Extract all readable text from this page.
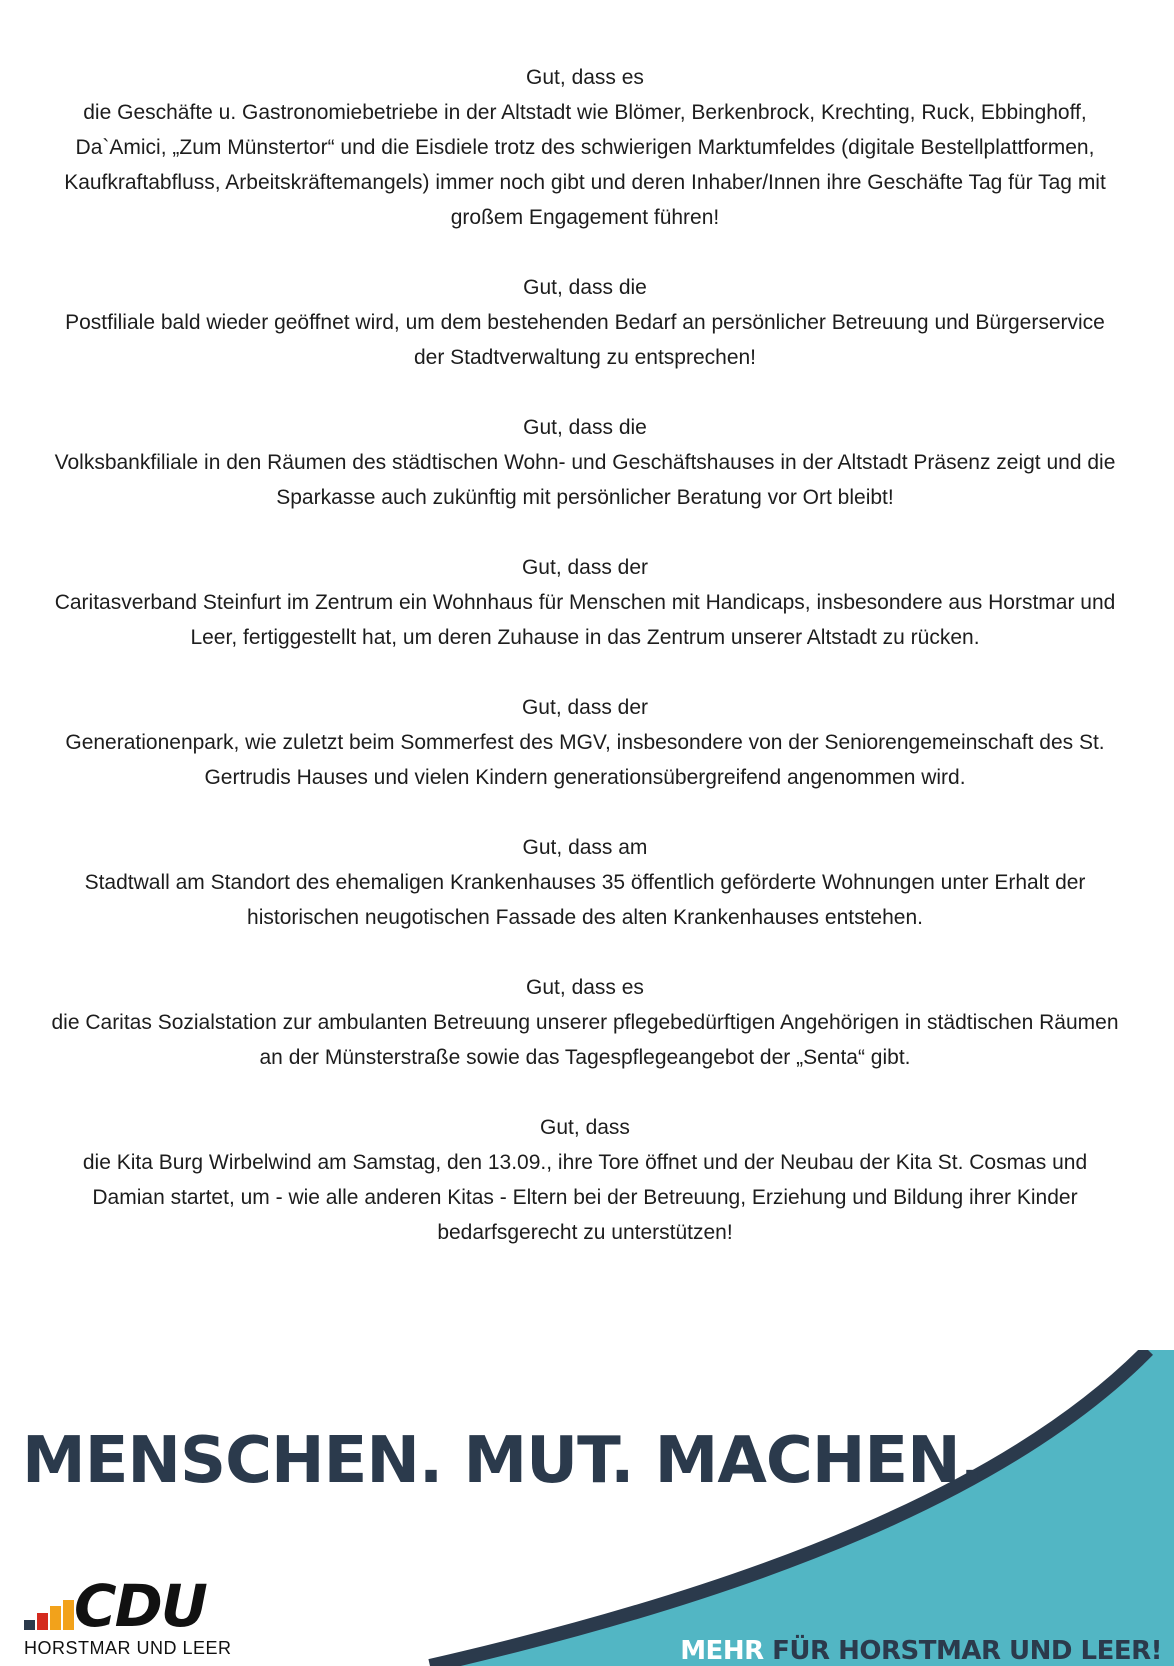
Gut, dass es
die Geschäfte u. Gastronomiebetriebe in der Altstadt wie Blömer, Berkenbrock, Krechting, Ruck, Ebbinghoff, Da`Amici, „Zum Münstertor“ und die Eisdiele trotz des schwierigen Marktumfeldes (digitale Bestellplattformen, Kaufkraftabfluss, Arbeitskräftemangels) immer noch gibt und deren Inhaber/Innen ihre Geschäfte Tag für Tag mit großem Engagement führen!
Gut, dass die
Postfiliale bald wieder geöffnet wird, um dem bestehenden Bedarf an persönlicher Betreuung und Bürgerservice der Stadtverwaltung zu entsprechen!
Gut, dass die
Volksbankfiliale in den Räumen des städtischen Wohn- und Geschäftshauses in der Altstadt Präsenz zeigt und die Sparkasse auch zukünftig mit persönlicher Beratung vor Ort bleibt!
Gut, dass der
Caritasverband Steinfurt im Zentrum ein Wohnhaus für Menschen mit Handicaps, insbesondere aus Horstmar und Leer, fertiggestellt hat, um deren Zuhause in das Zentrum unserer Altstadt zu rücken.
Gut, dass der
Generationenpark, wie zuletzt beim Sommerfest des MGV, insbesondere von der Seniorengemeinschaft des St. Gertrudis Hauses und vielen Kindern generationsübergreifend angenommen wird.
Gut, dass am
Stadtwall am Standort des ehemaligen Krankenhauses 35 öffentlich geförderte Wohnungen unter Erhalt der historischen neugotischen Fassade des alten Krankenhauses entstehen.
Gut, dass es
die Caritas Sozialstation zur ambulanten Betreuung unserer pflegebedürftigen Angehörigen in städtischen Räumen an der Münsterstraße sowie das Tagespflegeangebot der „Senta“ gibt.
Gut, dass
die Kita Burg Wirbelwind am Samstag, den 13.09., ihre Tore öffnet und der Neubau der Kita St. Cosmas und Damian startet, um - wie alle anderen Kitas - Eltern bei der Betreuung, Erziehung und Bildung ihrer Kinder bedarfsgerecht zu unterstützen!
MENSCHEN. MUT. MACHEN.
CDU
HORSTMAR UND LEER	MEHR FÜR HORSTMAR UND LEER!
